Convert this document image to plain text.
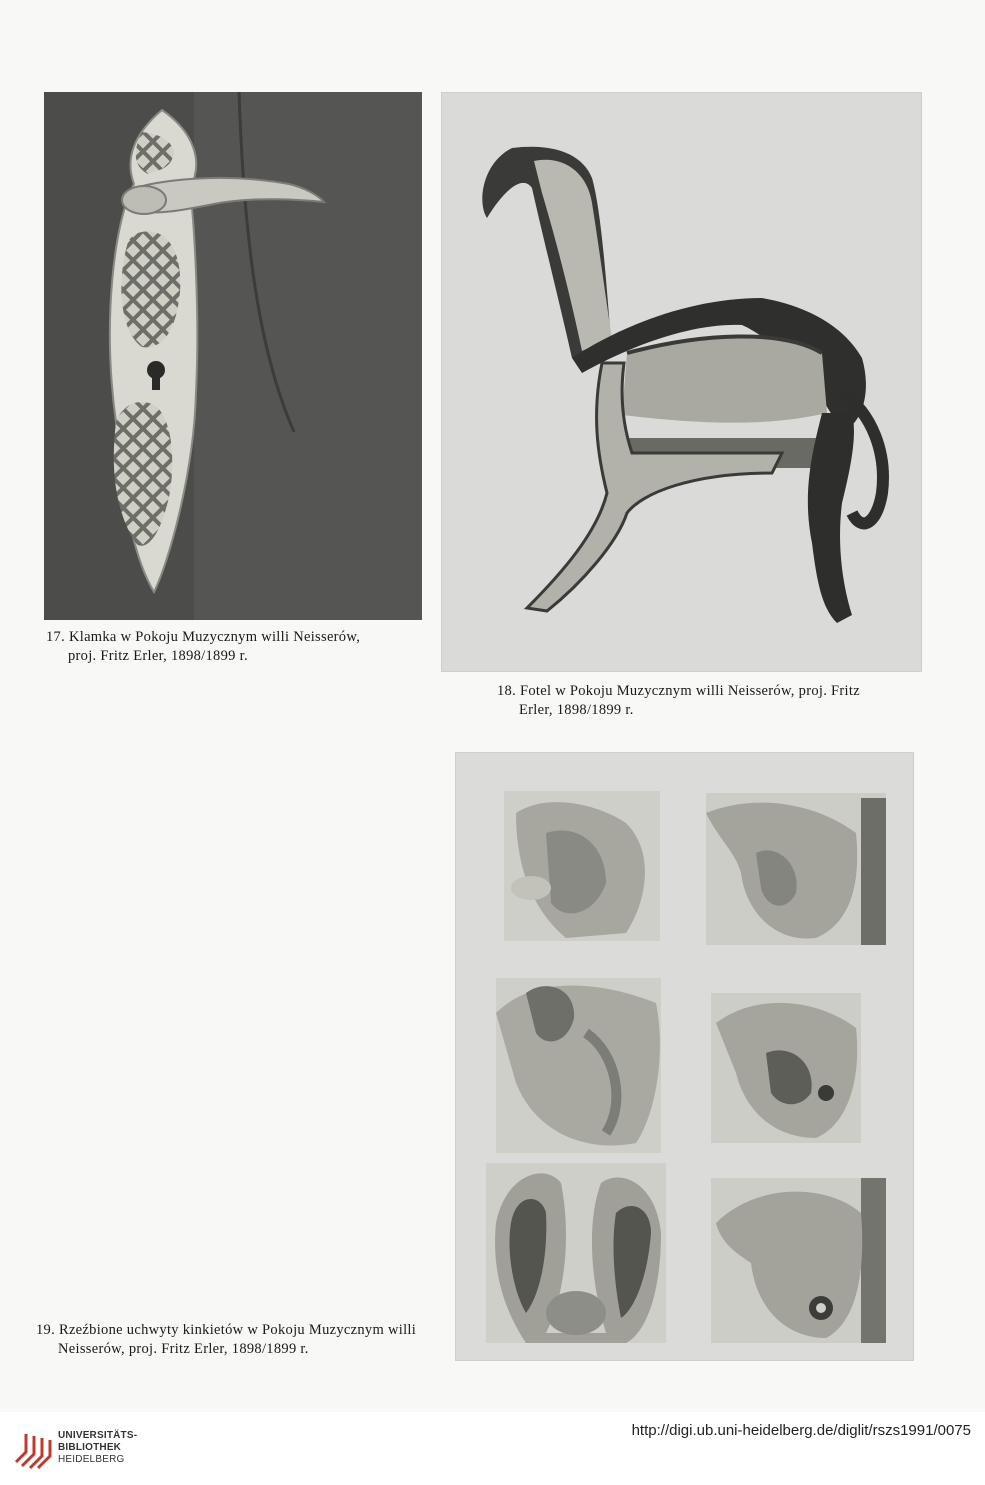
17. Klamka w Pokoju Muzycznym willi Neisserów,
proj. Fritz Erler, 1898/1899 r.
18. Fotel w Pokoju Muzycznym willi Neisserów, proj. Fritz
Erler, 1898/1899 r.
19. Rzeźbione uchwyty kinkietów w Pokoju Muzycznym willi
Neisserów, proj. Fritz Erler, 1898/1899 r.
UNIVERSITÄTS-
BIBLIOTHEK
HEIDELBERG
http://digi.ub.uni-heidelberg.de/diglit/rszs1991/0075
